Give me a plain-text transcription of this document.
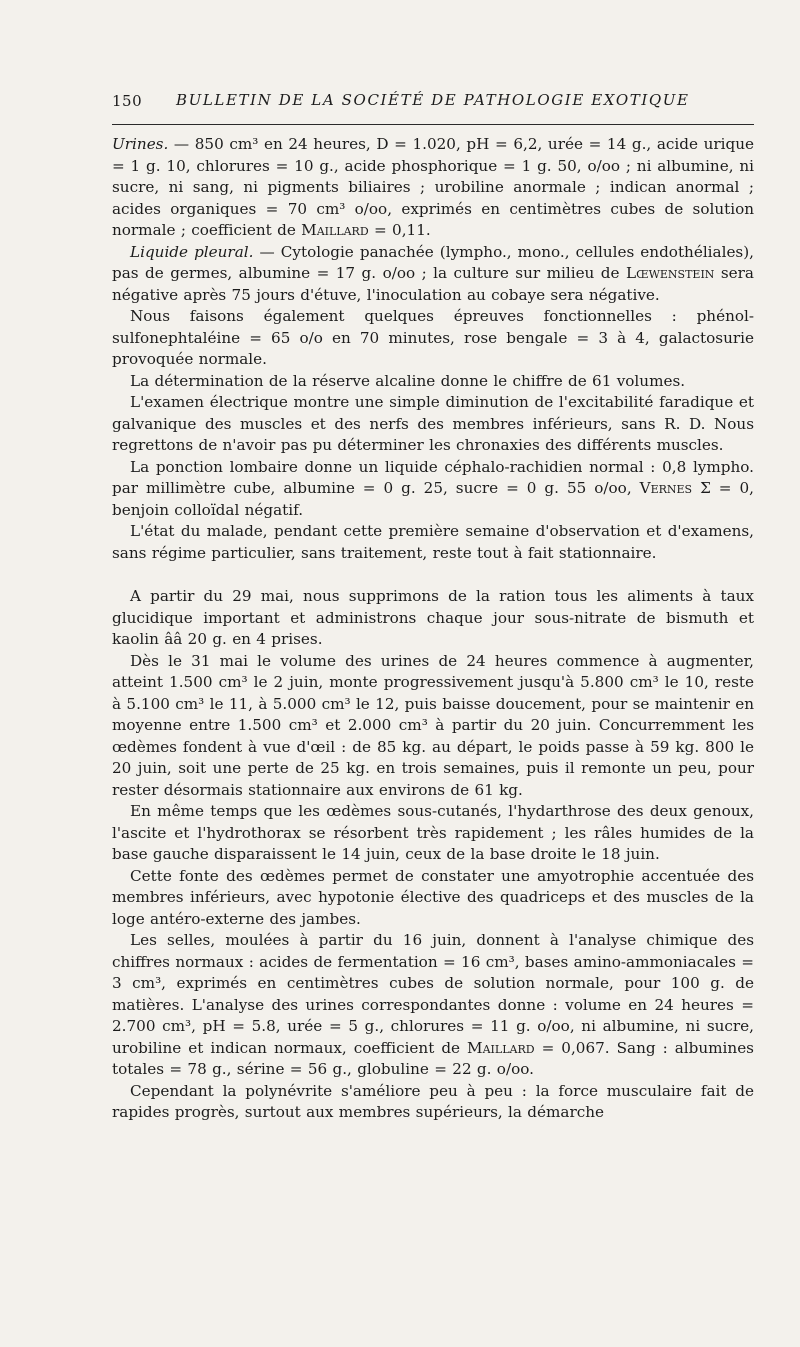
150 BULLETIN DE LA SOCIÉTÉ DE PATHOLOGIE EXOTIQUE

Urines. — 850 cm³ en 24 heures, D = 1.020, pH = 6,2, urée = 14 g., acide urique = 1 g. 10, chlorures = 10 g., acide phosphorique = 1 g. 50, o/oo ; ni albumine, ni sucre, ni sang, ni pigments biliaires ; urobiline anormale ; indican anormal ; acides organiques = 70 cm³ o/oo, exprimés en centimètres cubes de solution normale ; coefficient de Maillard = 0,11.

Liquide pleural. — Cytologie panachée (lympho., mono., cellules endothéliales), pas de germes, albumine = 17 g. o/oo ; la culture sur milieu de Lœwenstein sera négative après 75 jours d'étuve, l'inoculation au cobaye sera négative.

Nous faisons également quelques épreuves fonctionnelles : phénol-sulfonephtaléine = 65 o/o en 70 minutes, rose bengale = 3 à 4, galactosurie provoquée normale.

La détermination de la réserve alcaline donne le chiffre de 61 volumes.

L'examen électrique montre une simple diminution de l'excitabilité faradique et galvanique des muscles et des nerfs des membres inférieurs, sans R. D. Nous regrettons de n'avoir pas pu déterminer les chronaxies des différents muscles.

La ponction lombaire donne un liquide céphalo-rachidien normal : 0,8 lympho. par millimètre cube, albumine = 0 g. 25, sucre = 0 g. 55 o/oo, Vernes Σ = 0, benjoin colloïdal négatif.

L'état du malade, pendant cette première semaine d'observation et d'examens, sans régime particulier, sans traitement, reste tout à fait stationnaire.

A partir du 29 mai, nous supprimons de la ration tous les aliments à taux glucidique important et administrons chaque jour sous-nitrate de bismuth et kaolin ââ 20 g. en 4 prises.

Dès le 31 mai le volume des urines de 24 heures commence à augmenter, atteint 1.500 cm³ le 2 juin, monte progressivement jusqu'à 5.800 cm³ le 10, reste à 5.100 cm³ le 11, à 5.000 cm³ le 12, puis baisse doucement, pour se maintenir en moyenne entre 1.500 cm³ et 2.000 cm³ à partir du 20 juin. Concurremment les œdèmes fondent à vue d'œil : de 85 kg. au départ, le poids passe à 59 kg. 800 le 20 juin, soit une perte de 25 kg. en trois semaines, puis il remonte un peu, pour rester désormais stationnaire aux environs de 61 kg.

En même temps que les œdèmes sous-cutanés, l'hydarthrose des deux genoux, l'ascite et l'hydrothorax se résorbent très rapidement ; les râles humides de la base gauche disparaissent le 14 juin, ceux de la base droite le 18 juin.

Cette fonte des œdèmes permet de constater une amyotrophie accentuée des membres inférieurs, avec hypotonie élective des quadriceps et des muscles de la loge antéro-externe des jambes.

Les selles, moulées à partir du 16 juin, donnent à l'analyse chimique des chiffres normaux : acides de fermentation = 16 cm³, bases amino-ammoniacales = 3 cm³, exprimés en centimètres cubes de solution normale, pour 100 g. de matières. L'analyse des urines correspondantes donne : volume en 24 heures = 2.700 cm³, pH = 5.8, urée = 5 g., chlorures = 11 g. o/oo, ni albumine, ni sucre, urobiline et indican normaux, coefficient de Maillard = 0,067. Sang : albumines totales = 78 g., sérine = 56 g., globuline = 22 g. o/oo.

Cependant la polynévrite s'améliore peu à peu : la force musculaire fait de rapides progrès, surtout aux membres supérieurs, la démarche
